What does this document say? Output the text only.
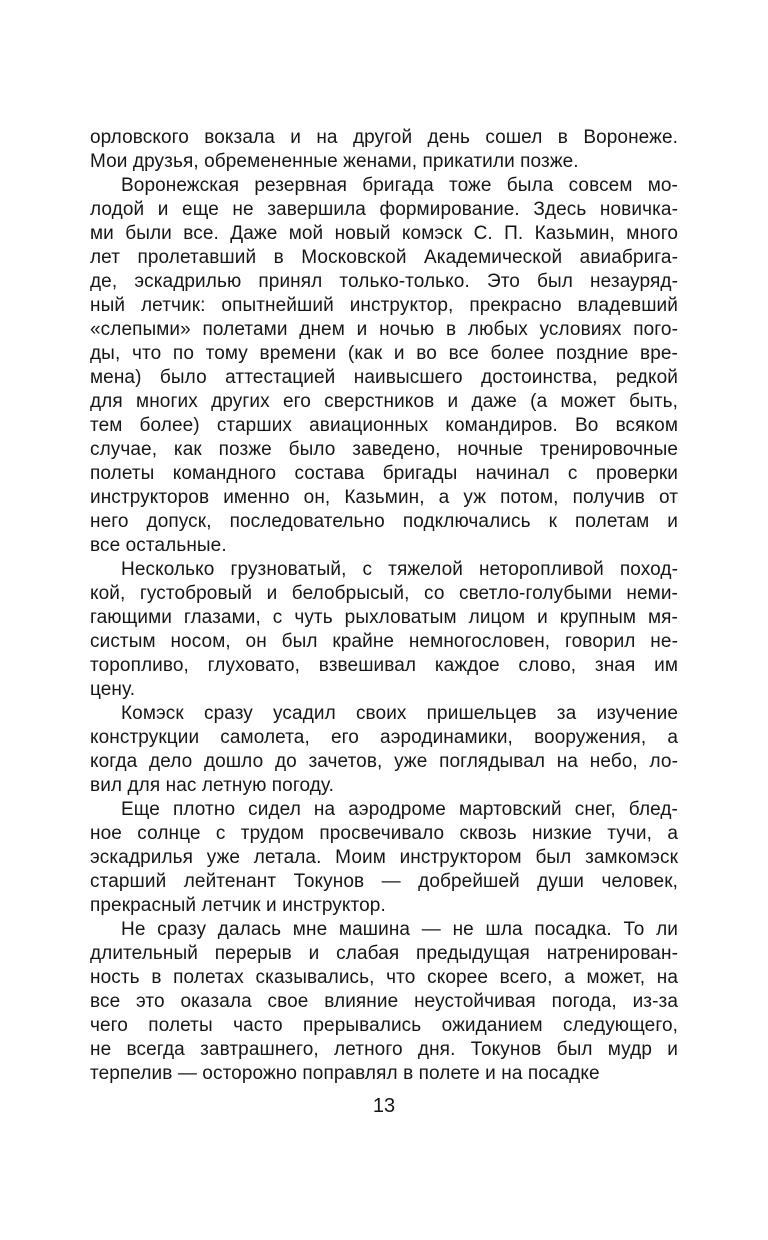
орловского вокзала и на другой день сошел в Воронеже.
Мои друзья, обремененные женами, прикатили позже.
Воронежская резервная бригада тоже была совсем мо-
лодой и еще не завершила формирование. Здесь новичка-
ми были все. Даже мой новый комэск С. П. Казьмин, много
лет пролетавший в Московской Академической авиабрига-
де, эскадрилью принял только-только. Это был незауряд-
ный летчик: опытнейший инструктор, прекрасно владевший
«слепыми» полетами днем и ночью в любых условиях пого-
ды, что по тому времени (как и во все более поздние вре-
мена) было аттестацией наивысшего достоинства, редкой
для многих других его сверстников и даже (а может быть,
тем более) старших авиационных командиров. Во всяком
случае, как позже было заведено, ночные тренировочные
полеты командного состава бригады начинал с проверки
инструкторов именно он, Казьмин, а уж потом, получив от
него допуск, последовательно подключались к полетам и
все остальные.
Несколько грузноватый, с тяжелой неторопливой поход-
кой, густобровый и белобрысый, со светло-голубыми неми-
гающими глазами, с чуть рыхловатым лицом и крупным мя-
систым носом, он был крайне немногословен, говорил не-
торопливо, глуховато, взвешивал каждое слово, зная им
цену.
Комэск сразу усадил своих пришельцев за изучение
конструкции самолета, его аэродинамики, вооружения, а
когда дело дошло до зачетов, уже поглядывал на небо, ло-
вил для нас летную погоду.
Еще плотно сидел на аэродроме мартовский снег, блед-
ное солнце с трудом просвечивало сквозь низкие тучи, а
эскадрилья уже летала. Моим инструктором был замкомэск
старший лейтенант Токунов — добрейшей души человек,
прекрасный летчик и инструктор.
Не сразу далась мне машина — не шла посадка. То ли
длительный перерыв и слабая предыдущая натренирован-
ность в полетах сказывались, что скорее всего, а может, на
все это оказала свое влияние неустойчивая погода, из-за
чего полеты часто прерывались ожиданием следующего,
не всегда завтрашнего, летного дня. Токунов был мудр и
терпелив — осторожно поправлял в полете и на посадке
13
